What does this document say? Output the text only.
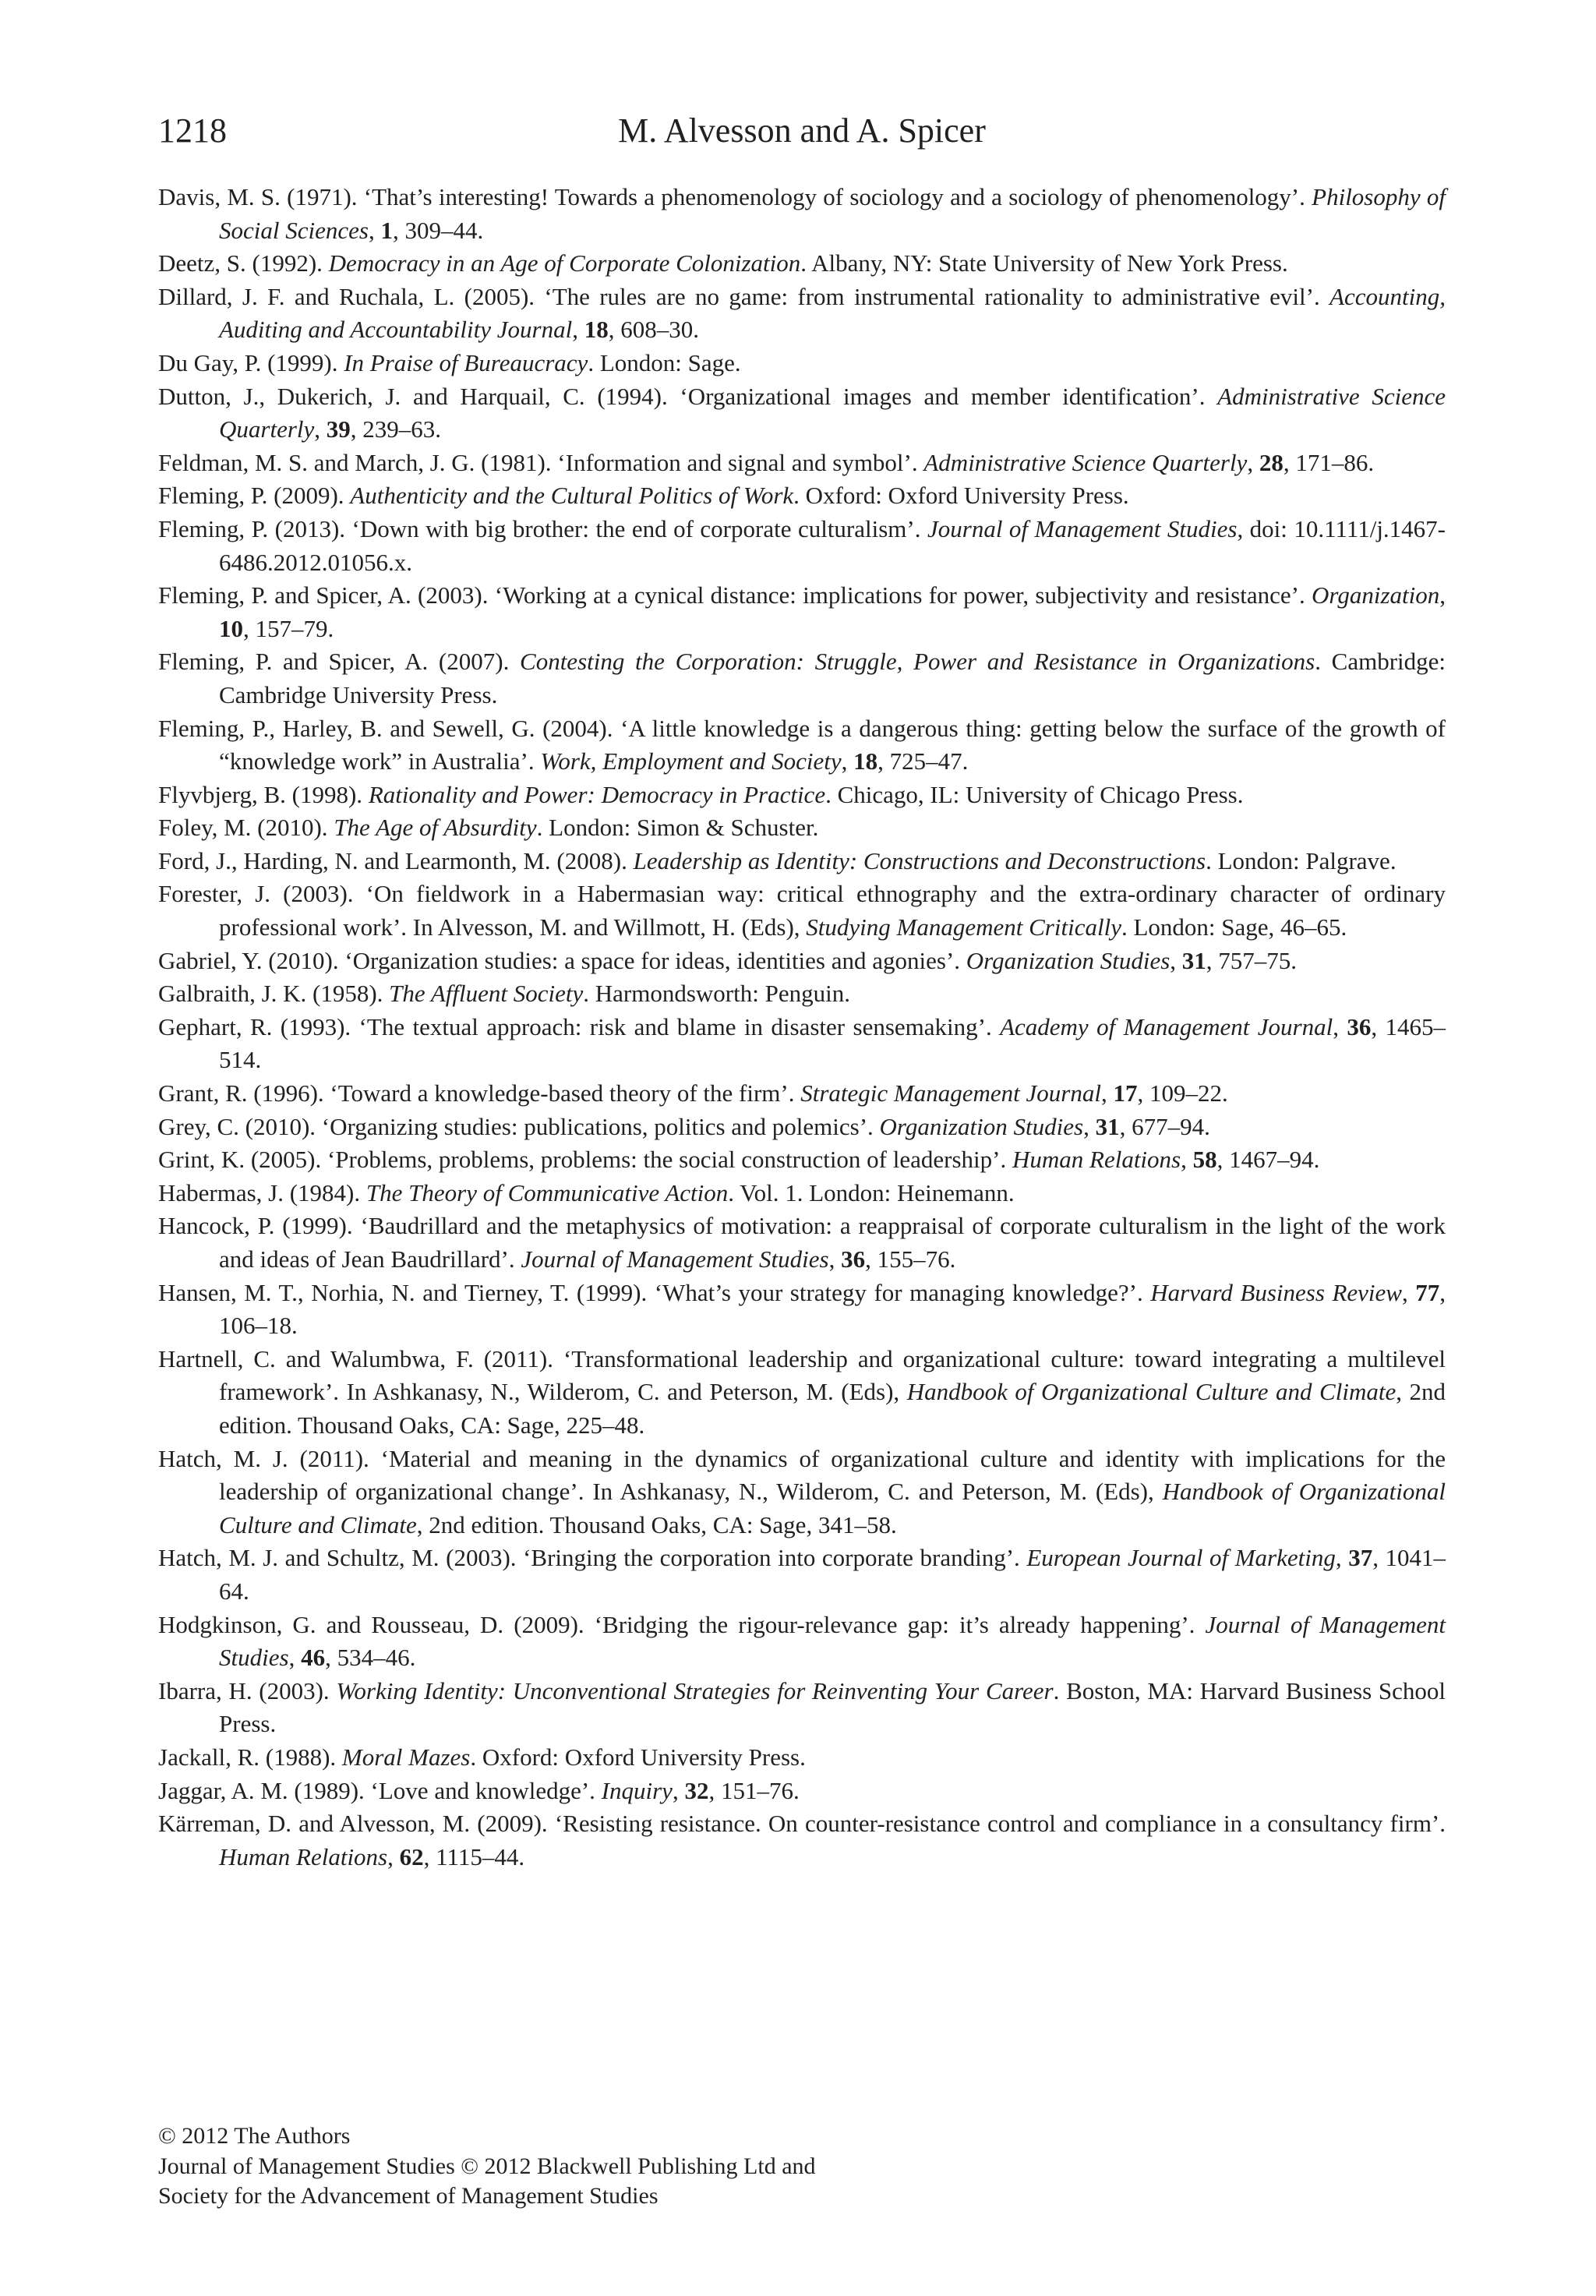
1218	M. Alvesson and A. Spicer

Davis, M. S. (1971). ‘That’s interesting! Towards a phenomenology of sociology and a sociology of phenomenology’. Philosophy of Social Sciences, 1, 309–44.

Deetz, S. (1992). Democracy in an Age of Corporate Colonization. Albany, NY: State University of New York Press.

Dillard, J. F. and Ruchala, L. (2005). ‘The rules are no game: from instrumental rationality to administrative evil’. Accounting, Auditing and Accountability Journal, 18, 608–30.

Du Gay, P. (1999). In Praise of Bureaucracy. London: Sage.

Dutton, J., Dukerich, J. and Harquail, C. (1994). ‘Organizational images and member identification’. Administrative Science Quarterly, 39, 239–63.

Feldman, M. S. and March, J. G. (1981). ‘Information and signal and symbol’. Administrative Science Quarterly, 28, 171–86.

Fleming, P. (2009). Authenticity and the Cultural Politics of Work. Oxford: Oxford University Press.

Fleming, P. (2013). ‘Down with big brother: the end of corporate culturalism’. Journal of Management Studies, doi: 10.1111/j.1467-6486.2012.01056.x.

Fleming, P. and Spicer, A. (2003). ‘Working at a cynical distance: implications for power, subjectivity and resistance’. Organization, 10, 157–79.

Fleming, P. and Spicer, A. (2007). Contesting the Corporation: Struggle, Power and Resistance in Organizations. Cambridge: Cambridge University Press.

Fleming, P., Harley, B. and Sewell, G. (2004). ‘A little knowledge is a dangerous thing: getting below the surface of the growth of “knowledge work” in Australia’. Work, Employment and Society, 18, 725–47.

Flyvbjerg, B. (1998). Rationality and Power: Democracy in Practice. Chicago, IL: University of Chicago Press.

Foley, M. (2010). The Age of Absurdity. London: Simon & Schuster.

Ford, J., Harding, N. and Learmonth, M. (2008). Leadership as Identity: Constructions and Deconstructions. London: Palgrave.

Forester, J. (2003). ‘On fieldwork in a Habermasian way: critical ethnography and the extra-ordinary character of ordinary professional work’. In Alvesson, M. and Willmott, H. (Eds), Studying Management Critically. London: Sage, 46–65.

Gabriel, Y. (2010). ‘Organization studies: a space for ideas, identities and agonies’. Organization Studies, 31, 757–75.

Galbraith, J. K. (1958). The Affluent Society. Harmondsworth: Penguin.

Gephart, R. (1993). ‘The textual approach: risk and blame in disaster sensemaking’. Academy of Management Journal, 36, 1465–514.

Grant, R. (1996). ‘Toward a knowledge-based theory of the firm’. Strategic Management Journal, 17, 109–22.

Grey, C. (2010). ‘Organizing studies: publications, politics and polemics’. Organization Studies, 31, 677–94.

Grint, K. (2005). ‘Problems, problems, problems: the social construction of leadership’. Human Relations, 58, 1467–94.

Habermas, J. (1984). The Theory of Communicative Action. Vol. 1. London: Heinemann.

Hancock, P. (1999). ‘Baudrillard and the metaphysics of motivation: a reappraisal of corporate culturalism in the light of the work and ideas of Jean Baudrillard’. Journal of Management Studies, 36, 155–76.

Hansen, M. T., Norhia, N. and Tierney, T. (1999). ‘What’s your strategy for managing knowledge?’. Harvard Business Review, 77, 106–18.

Hartnell, C. and Walumbwa, F. (2011). ‘Transformational leadership and organizational culture: toward integrating a multilevel framework’. In Ashkanasy, N., Wilderom, C. and Peterson, M. (Eds), Handbook of Organizational Culture and Climate, 2nd edition. Thousand Oaks, CA: Sage, 225–48.

Hatch, M. J. (2011). ‘Material and meaning in the dynamics of organizational culture and identity with implications for the leadership of organizational change’. In Ashkanasy, N., Wilderom, C. and Peterson, M. (Eds), Handbook of Organizational Culture and Climate, 2nd edition. Thousand Oaks, CA: Sage, 341–58.

Hatch, M. J. and Schultz, M. (2003). ‘Bringing the corporation into corporate branding’. European Journal of Marketing, 37, 1041–64.

Hodgkinson, G. and Rousseau, D. (2009). ‘Bridging the rigour-relevance gap: it’s already happening’. Journal of Management Studies, 46, 534–46.

Ibarra, H. (2003). Working Identity: Unconventional Strategies for Reinventing Your Career. Boston, MA: Harvard Business School Press.

Jackall, R. (1988). Moral Mazes. Oxford: Oxford University Press.

Jaggar, A. M. (1989). ‘Love and knowledge’. Inquiry, 32, 151–76.

Kärreman, D. and Alvesson, M. (2009). ‘Resisting resistance. On counter-resistance control and compliance in a consultancy firm’. Human Relations, 62, 1115–44.

© 2012 The Authors
Journal of Management Studies © 2012 Blackwell Publishing Ltd and
Society for the Advancement of Management Studies
